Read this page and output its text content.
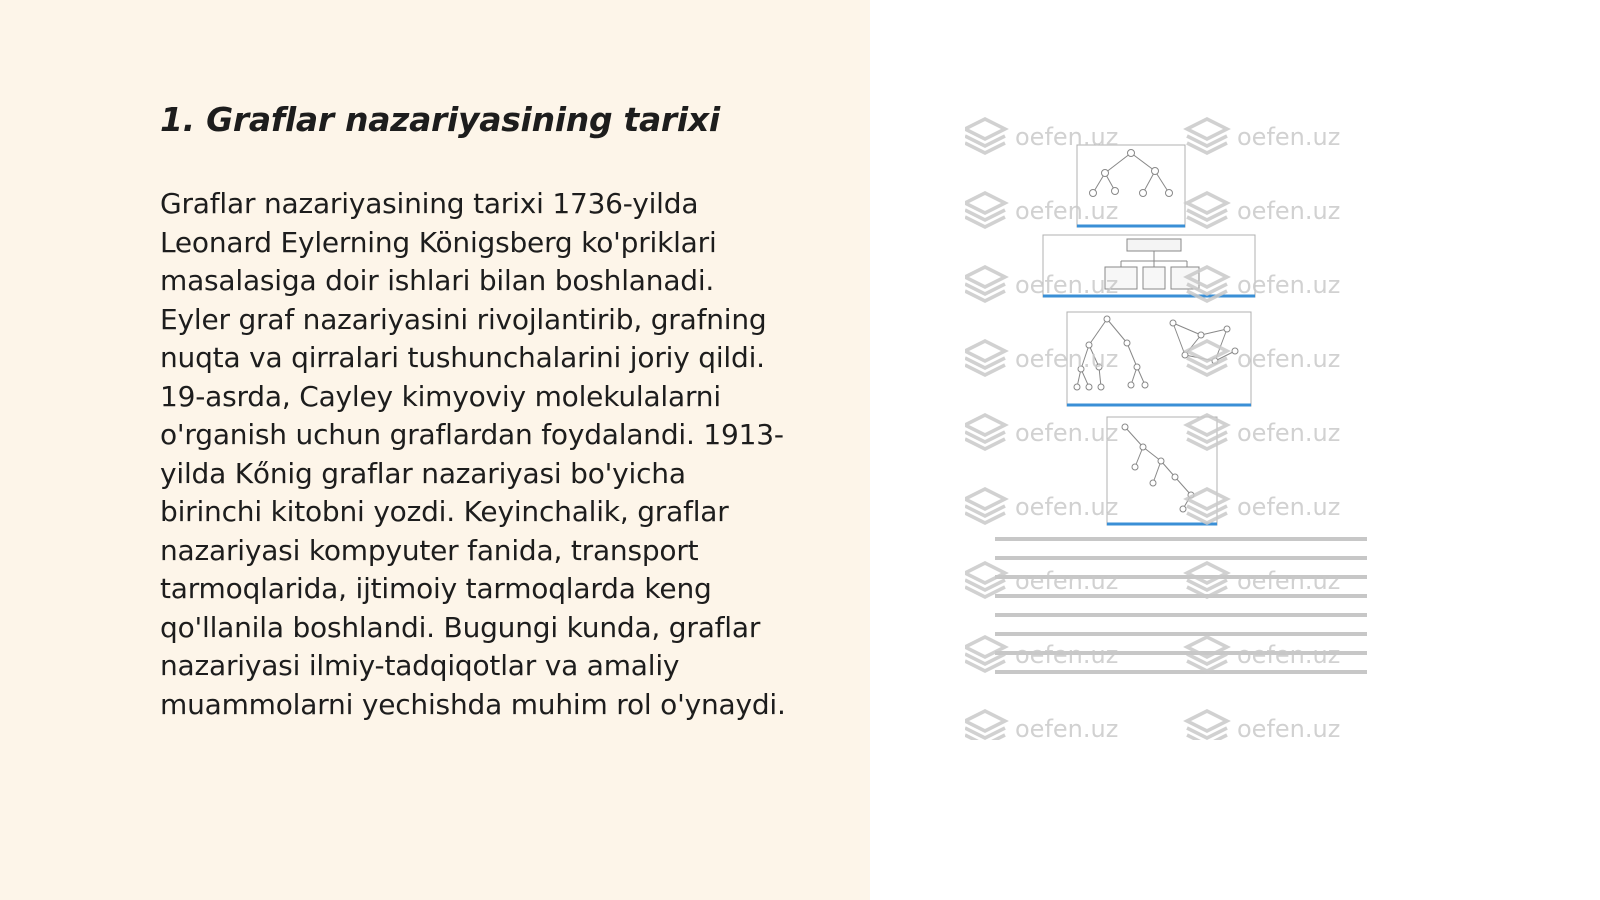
1. Graflar nazariyasining tarixi
Graflar nazariyasining tarixi 1736-yilda
Leonard Eylerning Königsberg ko'priklari
masalasiga doir ishlari bilan boshlanadi.
Eyler graf nazariyasini rivojlantirib, grafning
nuqta va qirralari tushunchalarini joriy qildi.
19-asrda, Cayley kimyoviy molekulalarni
o'rganish uchun graflardan foydalandi. 1913-
yilda Kőnig graflar nazariyasi bo'yicha
birinchi kitobni yozdi. Keyinchalik, graflar
nazariyasi kompyuter fanida, transport
tarmoqlarida, ijtimoiy tarmoqlarda keng
qo'llanila boshlandi. Bugungi kunda, graflar
nazariyasi ilmiy-tadqiqotlar va amaliy
muammolarni yechishda muhim rol o'ynaydi.
oefen.uz	oefen.uz
oefen.uz	oefen.uz
oefen.uz	oefen.uz
oefen.uz	oefen.uz
oefen.uz	oefen.uz
oefen.uz	oefen.uz
oefen.uz	oefen.uz
oefen.uz	oefen.uz
oefen.uz	oefen.uz
